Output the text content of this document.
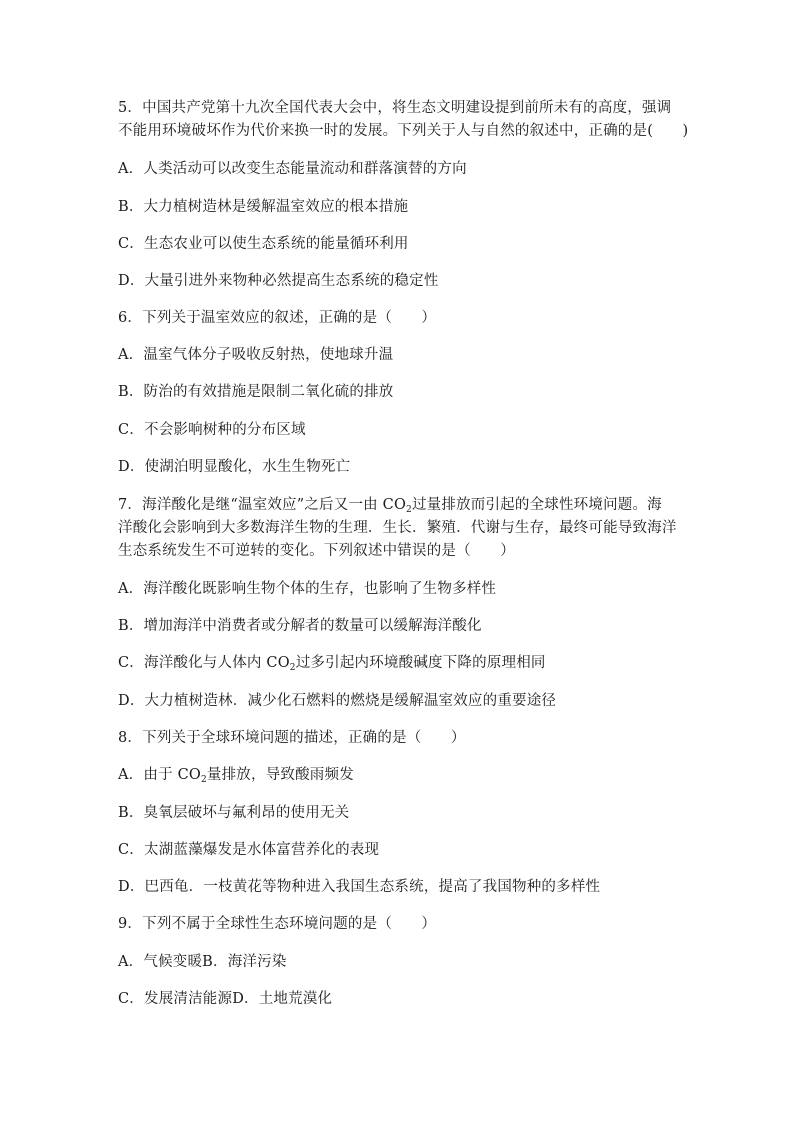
5．中国共产党第十九次全国代表大会中，将生态文明建设提到前所未有的高度，强调
不能用环境破坏作为代价来换一时的发展。下列关于人与自然的叙述中，正确的是(　　)
A．人类活动可以改变生态能量流动和群落演替的方向
B．大力植树造林是缓解温室效应的根本措施
C．生态农业可以使生态系统的能量循环利用
D．大量引进外来物种必然提高生态系统的稳定性
6．下列关于温室效应的叙述，正确的是（　　）
A．温室气体分子吸收反射热，使地球升温
B．防治的有效措施是限制二氧化硫的排放
C．不会影响树种的分布区域
D．使湖泊明显酸化，水生生物死亡
7．海洋酸化是继“温室效应”之后又一由 $CO_2$过量排放而引起的全球性环境问题。海
洋酸化会影响到大多数海洋生物的生理．生长．繁殖．代谢与生存，最终可能导致海洋
生态系统发生不可逆转的变化。下列叙述中错误的是（　　）
A．海洋酸化既影响生物个体的生存，也影响了生物多样性
B．增加海洋中消费者或分解者的数量可以缓解海洋酸化
C．海洋酸化与人体内 $CO_2$过多引起内环境酸碱度下降的原理相同
D．大力植树造林．减少化石燃料的燃烧是缓解温室效应的重要途径
8．下列关于全球环境问题的描述，正确的是（　　）
A．由于 $CO_2$量排放，导致酸雨频发
B．臭氧层破坏与氟利昂的使用无关
C．太湖蓝藻爆发是水体富营养化的表现
D．巴西龟．一枝黄花等物种进入我国生态系统，提高了我国物种的多样性
9．下列不属于全球性生态环境问题的是（　　）
A．气候变暖B．海洋污染
C．发展清洁能源D．土地荒漠化
